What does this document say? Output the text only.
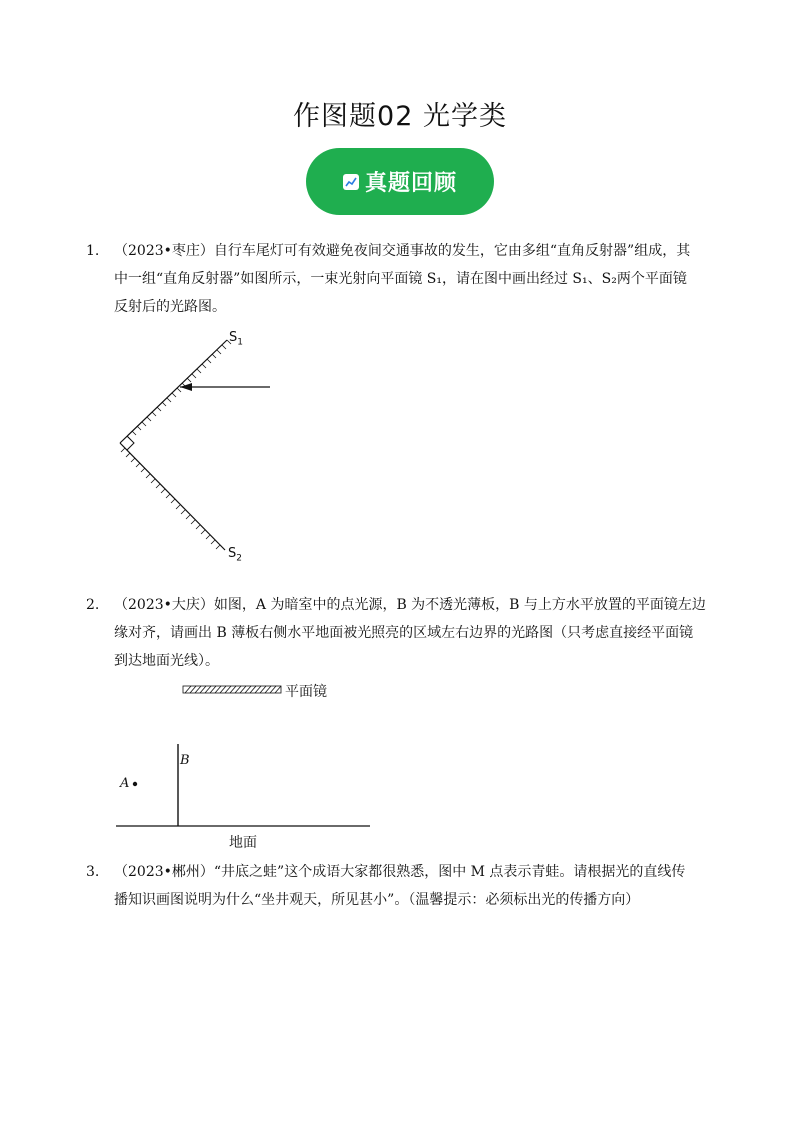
作图题02 光学类
真题回顾
1. （2023•枣庄）自行车尾灯可有效避免夜间交通事故的发生，它由多组“直角反射器”组成，其
中一组“直角反射器”如图所示，一束光射向平面镜 S₁，请在图中画出经过 S₁、S₂两个平面镜
反射后的光路图。
$S_1$
$S_2$
2. （2023•大庆）如图，A 为暗室中的点光源，B 为不透光薄板，B 与上方水平放置的平面镜左边
缘对齐，请画出 B 薄板右侧水平地面被光照亮的区域左右边界的光路图（只考虑直接经平面镜
到达地面光线）。
平面镜
B
A
地面
3. （2023•郴州）“井底之蛙”这个成语大家都很熟悉，图中 M 点表示青蛙。请根据光的直线传
播知识画图说明为什么“坐井观天，所见甚小”。（温馨提示：必须标出光的传播方向）
